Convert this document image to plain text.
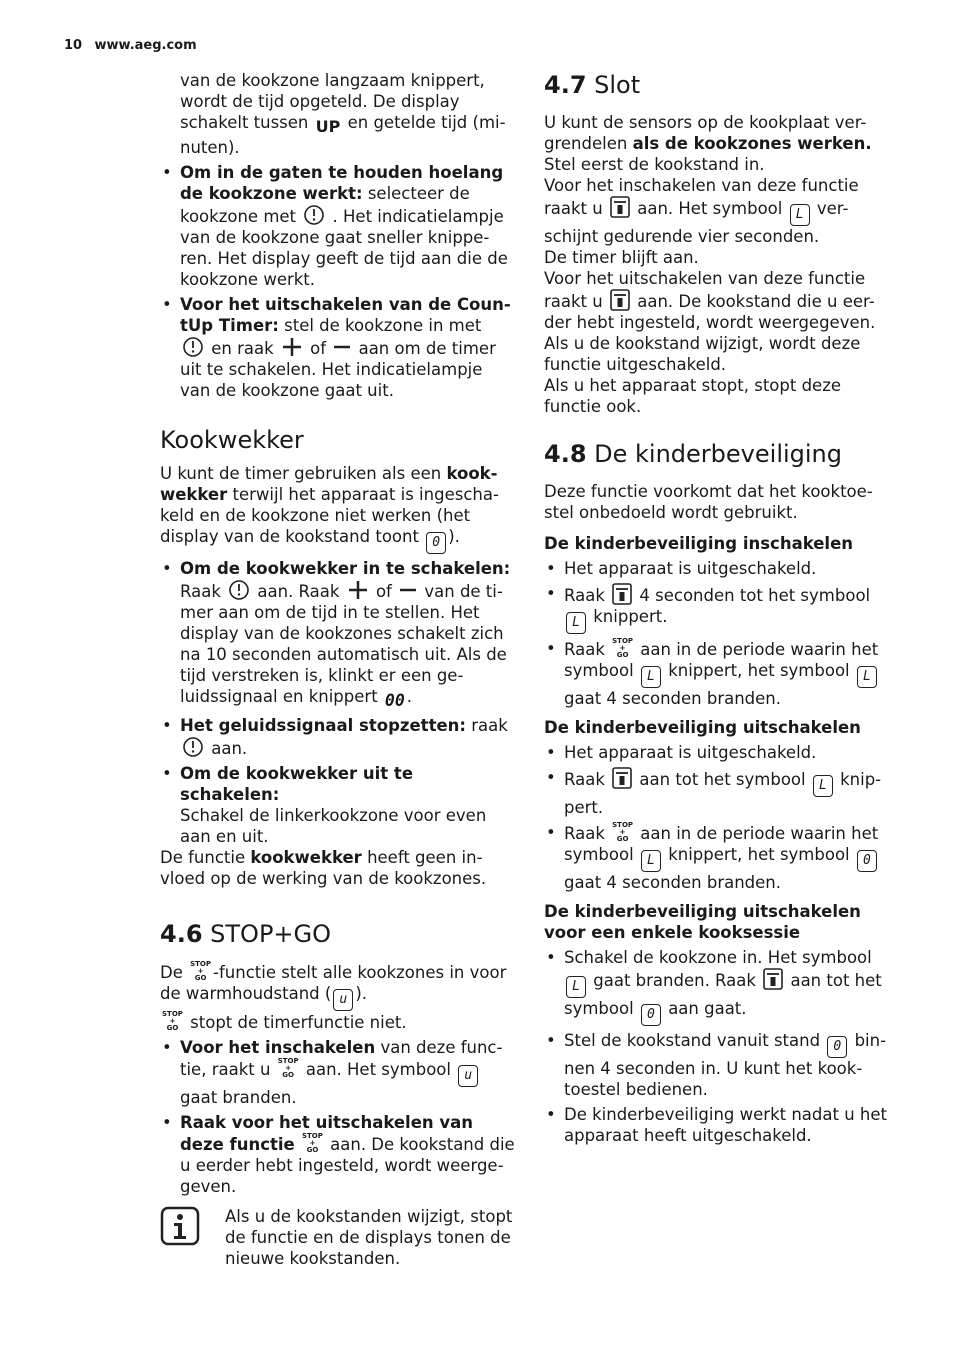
10 www.aeg.com

van de kookzone langzaam knippert,
wordt de tijd opgeteld. De display
schakelt tussen UP en getelde tijd (mi-
nuten).

• Om in de gaten te houden hoelang de kookzone werkt: selecteer de kookzone met . Het indicatielampje van de kookzone gaat sneller knippe-ren. Het display geeft de tijd aan die de kookzone werkt.
• Voor het uitschakelen van de Coun-tUp Timer: stel de kookzone in met
en raak of aan om de timer uit te schakelen. Het indicatielampje van de kookzone gaat uit.
Kookwekker

U kunt de timer gebruiken als een kook-wekker terwijl het apparaat is ingescha-keld en de kookzone niet werken (het display van de kookstand toont 0 ).

• Om de kookwekker in te schakelen:
Raak aan. Raak of van de ti-mer aan om de tijd in te stellen. Het display van de kookzones schakelt zich na 10 seconden automatisch uit. Als de tijd verstreken is, klinkt er een ge-luidssignaal en knippert 00 .
• Het geluidssignaal stopzetten: raak
aan.
• Om de kookwekker uit te schakelen:
Schakel de linkerkookzone voor even aan en uit.

De functie kookwekker heeft geen in-vloed op de werking van de kookzones.

4.6 STOP+GO

De STOP
+
GO -functie stelt alle kookzones in voor de warmhoudstand ( u ).

STOP
+
GO stopt de timerfunctie niet.

• Voor het inschakelen van deze func-tie, raakt u STOP
+
GO aan. Het symbool u gaat branden.
• Raak voor het uitschakelen van deze functie STOP
+
GO aan. De kookstand die u eerder hebt ingesteld, wordt weerge-geven.

Als u de kookstanden wijzigt, stopt de functie en de displays tonen de nieuwe kookstanden.

4.7 Slot

U kunt de sensors op de kookplaat ver-grendelen als de kookzones werken.
Stel eerst de kookstand in.
Voor het inschakelen van deze functie
raakt u aan. Het symbool L ver-schijnt gedurende vier seconden.
De timer blijft aan.
Voor het uitschakelen van deze functie
raakt u aan. De kookstand die u eer-der hebt ingesteld, wordt weergegeven. Als u de kookstand wijzigt, wordt deze functie uitgeschakeld.
Als u het apparaat stopt, stopt deze functie ook.

4.8 De kinderbeveiliging

Deze functie voorkomt dat het kooktoe-stel onbedoeld wordt gebruikt.

De kinderbeveiliging inschakelen
• Het apparaat is uitgeschakeld.
• Raak 4 seconden tot het symbool L knippert.
• Raak STOP
+
GO aan in de periode waarin het symbool L knippert, het symbool L gaat 4 seconden branden.
De kinderbeveiliging uitschakelen
• Het apparaat is uitgeschakeld.
• Raak aan tot het symbool L knip-pert.
• Raak STOP
+
GO aan in de periode waarin het symbool L knippert, het symbool 0 gaat 4 seconden branden.
De kinderbeveiliging uitschakelen voor een enkele kooksessie
• Schakel de kookzone in. Het symbool L gaat branden. Raak aan tot het symbool 0 aan gaat.
• Stel de kookstand vanuit stand 0 bin-nen 4 seconden in. U kunt het kook-toestel bedienen.
• De kinderbeveiliging werkt nadat u het apparaat heeft uitgeschakeld.
